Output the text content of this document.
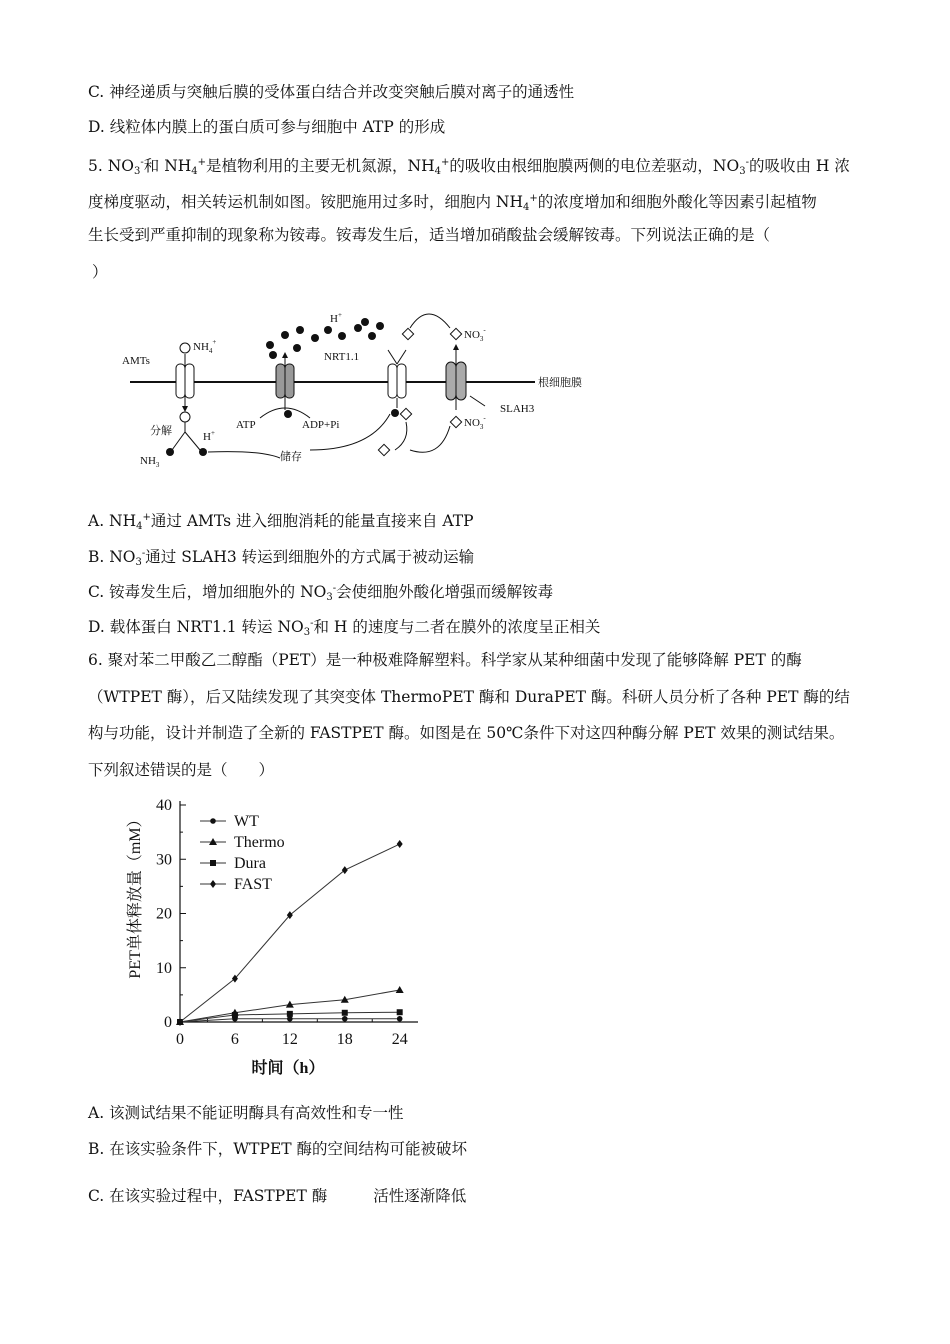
C. 神经递质与突触后膜的受体蛋白结合并改变突触后膜对离子的通透性
D. 线粒体内膜上的蛋白质可参与细胞中 ATP 的形成
5. $NO_3^-$和 $NH_4^+$是植物利用的主要无机氮源，$NH_4^+$的吸收由根细胞膜两侧的电位差驱动，$NO_3^-$的吸收由 H 浓
度梯度驱动，相关转运机制如图。铵肥施用过多时，细胞内 $NH_4^+$的浓度增加和细胞外酸化等因素引起植物
生长受到严重抑制的现象称为铵毒。铵毒发生后，适当增加硝酸盐会缓解铵毒。下列说法正确的是（
）
根细胞膜
AMTs
$NH_4^+$
分解
$NH_3$
H+
储存
ATP	ADP+Pi
H+
NRT1.1
SLAH3
$NO_3^-$
$NO_3^-$
A. $NH_4^+$通过 AMTs 进入细胞消耗的能量直接来自 ATP
B. $NO_3^-$通过 SLAH3 转运到细胞外的方式属于被动运输
C. 铵毒发生后，增加细胞外的 $NO_3^-$会使细胞外酸化增强而缓解铵毒
D. 载体蛋白 NRT1.1 转运 $NO_3^-$和 H 的速度与二者在膜外的浓度呈正相关
6. 聚对苯二甲酸乙二醇酯（PET）是一种极难降解塑料。科学家从某种细菌中发现了能够降解 PET 的酶
（WTPET 酶），后又陆续发现了其突变体 ThermoPET 酶和 DuraPET 酶。科研人员分析了各种 PET 酶的结
构与功能，设计并制造了全新的 FASTPET 酶。如图是在 50℃条件下对这四种酶分解 PET 效果的测试结果。
下列叙述错误的是（　　）
0
10
20
30
40
0	6	12 18 24
WT
Thermo
Dura
FAST
PET单体释放量（mM）
时间（h）
A. 该测试结果不能证明酶具有高效性和专一性
B. 在该实验条件下，WTPET 酶的空间结构可能被破坏
C. 在该实验过程中，FASTPET 酶	活性逐渐降低
